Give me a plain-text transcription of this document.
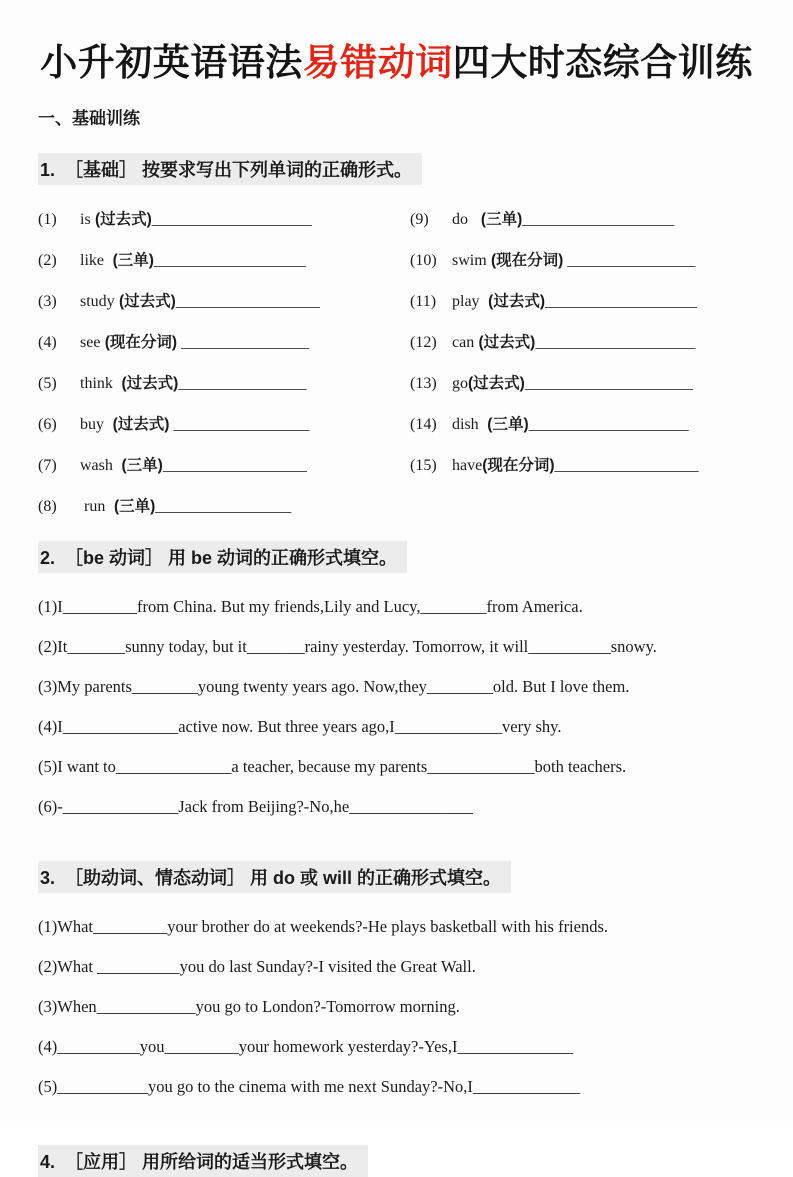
小升初英语语法易错动词四大时态综合训练
一、基础训练
1.  ［基础］ 按要求写出下列单词的正确形式。
(1) is (过去式)____________________
(2) like  (三单)___________________
(3) study (过去式)__________________
(4) see (现在分词) ________________
(5) think  (过去式)________________
(6) buy  (过去式) _________________
(7) wash  (三单)__________________
(8) run  (三单)_________________
(9) do   (三单)___________________
(10) swim (现在分词) ________________
(11) play  (过去式)___________________
(12) can (过去式)____________________
(13) go(过去式)_____________________
(14) dish  (三单)____________________
(15) have(现在分词)__________________
2.  ［be 动词］ 用 be 动词的正确形式填空。
(1)I_________from China. But my friends,Lily and Lucy,________from America.
(2)It_______sunny today, but it_______rainy yesterday. Tomorrow, it will__________snowy.
(3)My parents________young twenty years ago. Now,they________old. But I love them.
(4)I______________active now. But three years ago,I_____________very shy.
(5)I want to______________a teacher, because my parents_____________both teachers.
(6)-______________Jack from Beijing?-No,he_______________
3.  ［助动词、情态动词］ 用 do 或 will 的正确形式填空。
(1)What_________your brother do at weekends?-He plays basketball with his friends.
(2)What __________you do last Sunday?-I visited the Great Wall.
(3)When____________you go to London?-Tomorrow morning.
(4)__________you_________your homework yesterday?-Yes,I______________
(5)___________you go to the cinema with me next Sunday?-No,I_____________
4.  ［应用］ 用所给词的适当形式填空。
